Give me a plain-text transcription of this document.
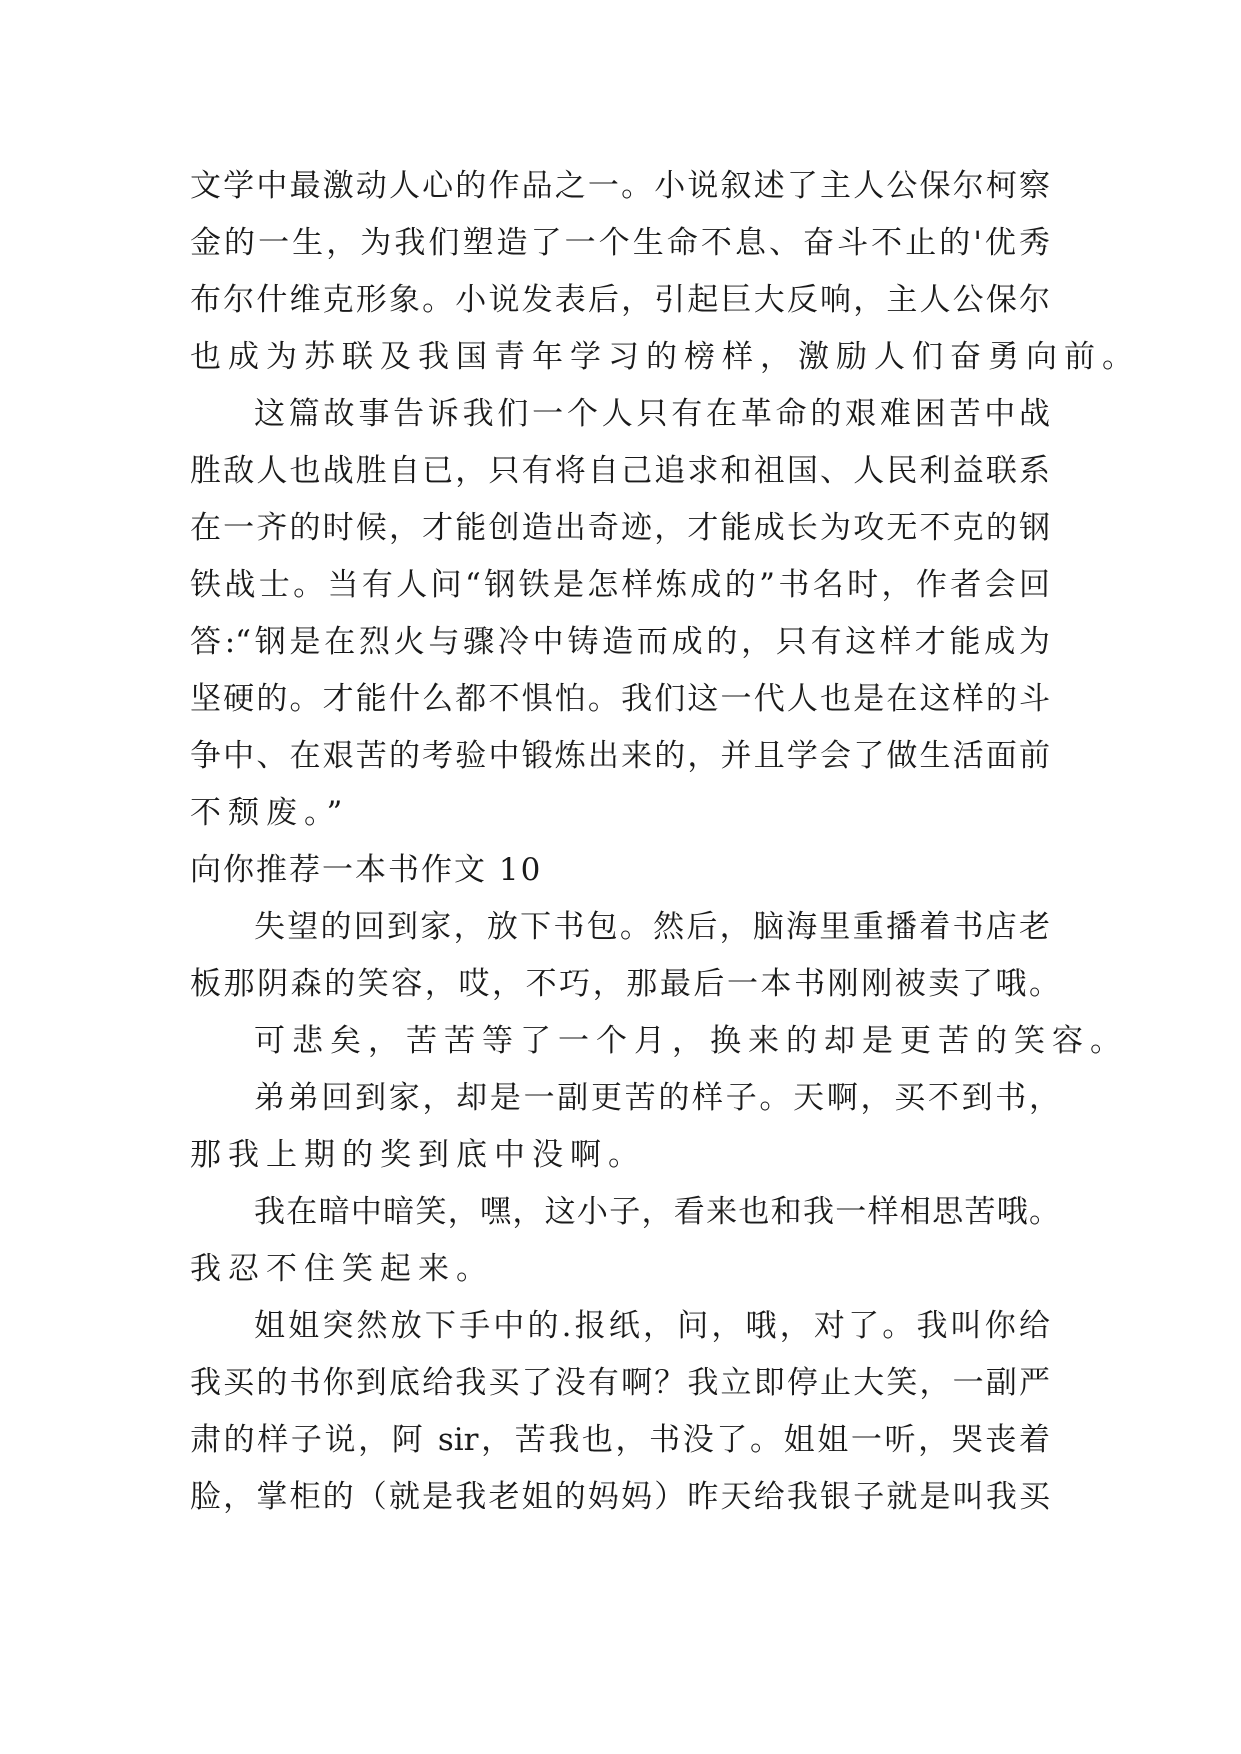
文学中最激动人心的作品之一。小说叙述了主人公保尔柯察
金的一生，为我们塑造了一个生命不息、奋斗不止的'优秀
布尔什维克形象。小说发表后，引起巨大反响，主人公保尔
也成为苏联及我国青年学习的榜样，激励人们奋勇向前。
这篇故事告诉我们一个人只有在革命的艰难困苦中战
胜敌人也战胜自已，只有将自己追求和祖国、人民利益联系
在一齐的时候，才能创造出奇迹，才能成长为攻无不克的钢
铁战士。当有人问“钢铁是怎样炼成的”书名时，作者会回
答:“钢是在烈火与骤冷中铸造而成的，只有这样才能成为
坚硬的。才能什么都不惧怕。我们这一代人也是在这样的斗
争中、在艰苦的考验中锻炼出来的，并且学会了做生活面前
不颓废。”
向你推荐一本书作文 10
失望的回到家，放下书包。然后，脑海里重播着书店老
板那阴森的笑容，哎，不巧，那最后一本书刚刚被卖了哦。
可悲矣，苦苦等了一个月，换来的却是更苦的笑容。
弟弟回到家，却是一副更苦的样子。天啊，买不到书，
那我上期的奖到底中没啊。
我在暗中暗笑，嘿，这小子，看来也和我一样相思苦哦。
我忍不住笑起来。
姐姐突然放下手中的.报纸，问，哦，对了。我叫你给
我买的书你到底给我买了没有啊？我立即停止大笑，一副严
肃的样子说，阿 sir，苦我也，书没了。姐姐一听，哭丧着
脸，掌柜的（就是我老姐的妈妈）昨天给我银子就是叫我买
